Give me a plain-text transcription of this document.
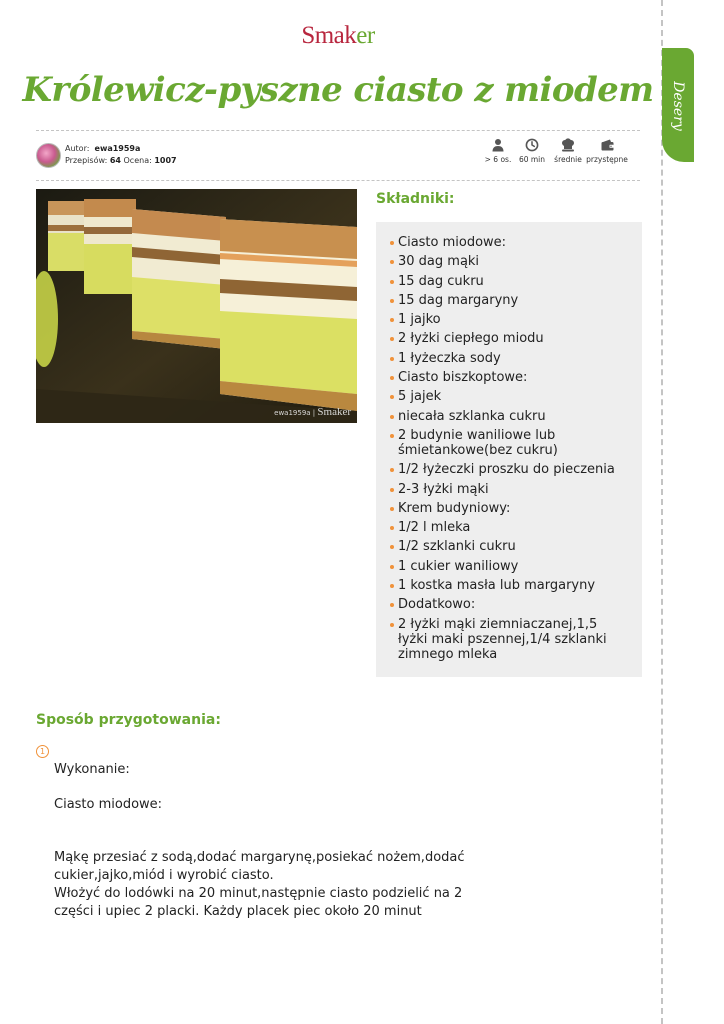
Desery
Smaker
Królewicz-pyszne ciasto z miodem
Autor: ewa1959a
Przepisów: 64 Ocena: 1007	> 6 os.	60 min	średnie przystępne
ewa1959a | Smaker
Składniki:
Ciasto miodowe:
30 dag mąki
15 dag cukru
15 dag margaryny
1 jajko
2 łyżki ciepłego miodu
1 łyżeczka sody
Ciasto biszkoptowe:
5 jajek
niecała szklanka cukru
2 budynie waniliowe lub śmietankowe(bez cukru)
1/2 łyżeczki proszku do pieczenia
2-3 łyżki mąki
Krem budyniowy:
1/2 l mleka
1/2 szklanki cukru
1 cukier waniliowy
1 kostka masła lub margaryny
Dodatkowo:
2 łyżki mąki ziemniaczanej,1,5 łyżki maki pszennej,1/4 szklanki zimnego mleka
Sposób przygotowania:
1
Wykonanie:
Ciasto miodowe:
Mąkę przesiać z sodą,dodać margarynę,posiekać nożem,dodać cukier,jajko,miód i wyrobić ciasto.
Włożyć do lodówki na 20 minut,następnie ciasto podzielić na 2 części i upiec 2 placki. Każdy placek piec około 20 minut
